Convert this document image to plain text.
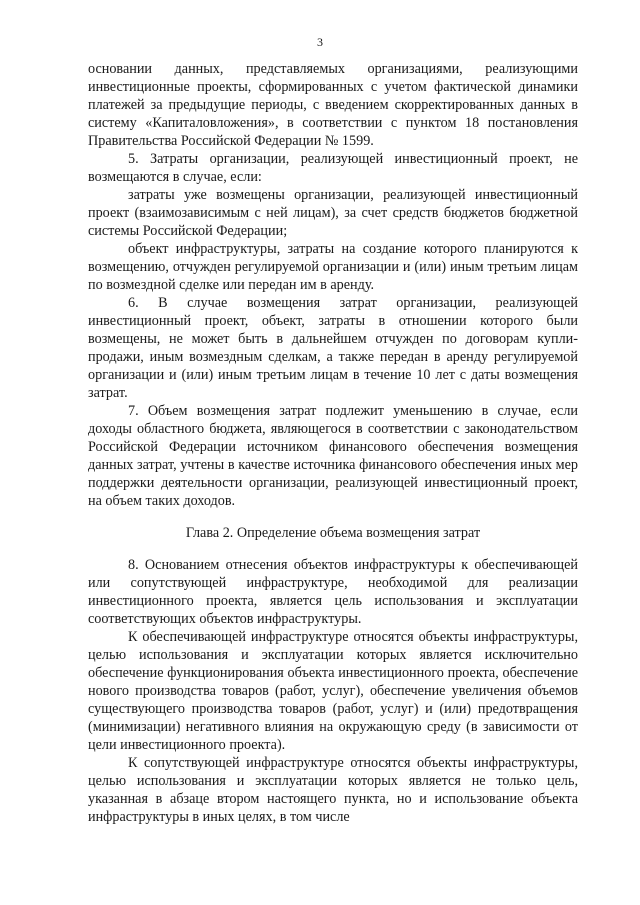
3

основании данных, представляемых организациями, реализующими инвестиционные проекты, сформированных с учетом фактической динамики платежей за предыдущие периоды, с введением скорректированных данных в систему «Капиталовложения», в соответствии с пунктом 18 постановления Правительства Российской Федерации № 1599.

5. Затраты организации, реализующей инвестиционный проект, не возмещаются в случае, если:

затраты уже возмещены организации, реализующей инвестиционный проект (взаимозависимым с ней лицам), за счет средств бюджетов бюджетной системы Российской Федерации;

объект инфраструктуры, затраты на создание которого планируются к возмещению, отчужден регулируемой организации и (или) иным третьим лицам по возмездной сделке или передан им в аренду.

6. В случае возмещения затрат организации, реализующей инвестиционный проект, объект, затраты в отношении которого были возмещены, не может быть в дальнейшем отчужден по договорам купли-продажи, иным возмездным сделкам, а также передан в аренду регулируемой организации и (или) иным третьим лицам в течение 10 лет с даты возмещения затрат.

7. Объем возмещения затрат подлежит уменьшению в случае, если доходы областного бюджета, являющегося в соответствии с законодательством Российской Федерации источником финансового обеспечения возмещения данных затрат, учтены в качестве источника финансового обеспечения иных мер поддержки деятельности организации, реализующей инвестиционный проект, на объем таких доходов.

Глава 2. Определение объема возмещения затрат

8. Основанием отнесения объектов инфраструктуры к обеспечивающей или сопутствующей инфраструктуре, необходимой для реализации инвестиционного проекта, является цель использования и эксплуатации соответствующих объектов инфраструктуры.

К обеспечивающей инфраструктуре относятся объекты инфраструктуры, целью использования и эксплуатации которых является исключительно обеспечение функционирования объекта инвестиционного проекта, обеспечение нового производства товаров (работ, услуг), обеспечение увеличения объемов существующего производства товаров (работ, услуг) и (или) предотвращения (минимизации) негативного влияния на окружающую среду (в зависимости от цели инвестиционного проекта).

К сопутствующей инфраструктуре относятся объекты инфраструктуры, целью использования и эксплуатации которых является не только цель, указанная в абзаце втором настоящего пункта, но и использование объекта инфраструктуры в иных целях, в том числе
